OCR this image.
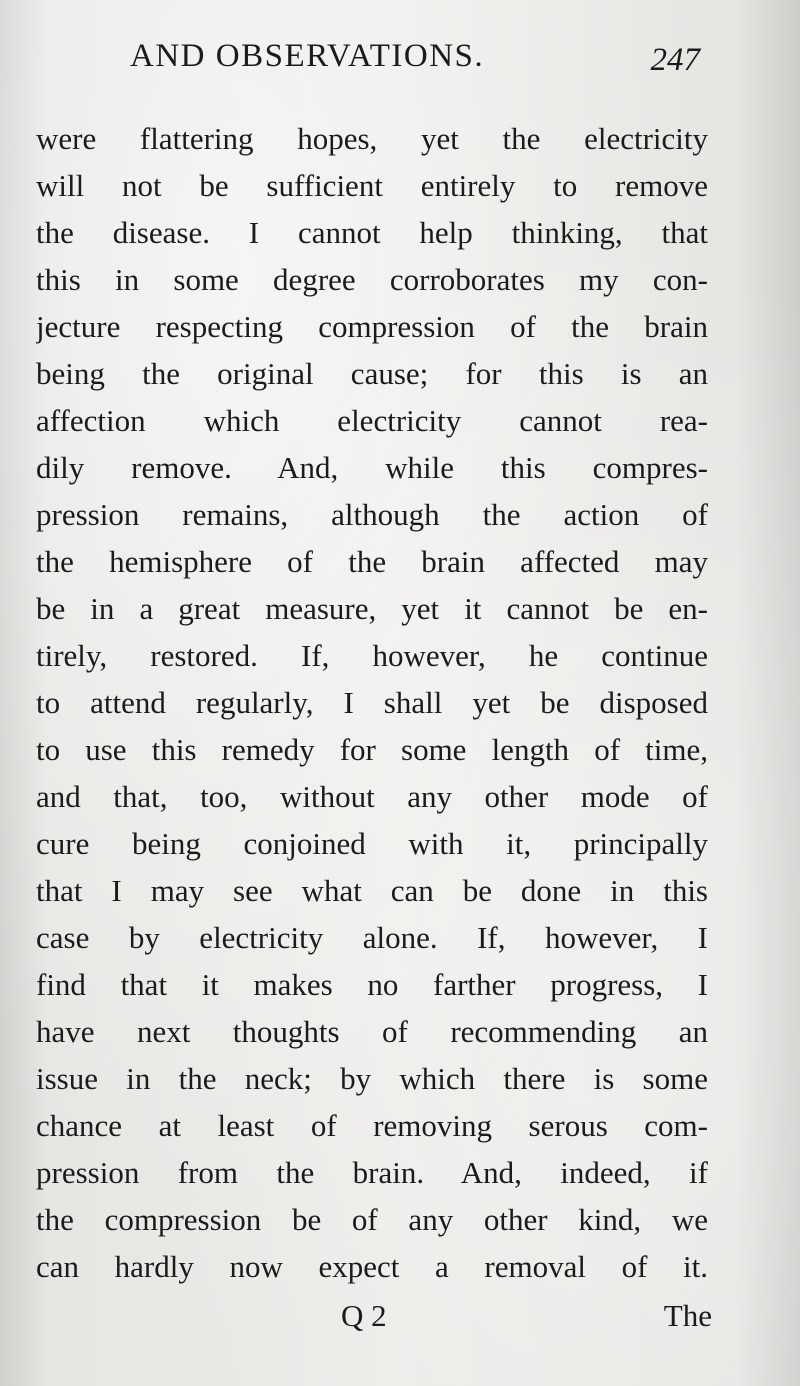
AND OBSERVATIONS.	247
were flattering hopes, yet the electricity
will not be sufficient entirely to remove
the disease. I cannot help thinking, that
this in some degree corroborates my con-
jecture respecting compression of the brain
being the original cause; for this is an
affection which electricity cannot rea-
dily remove. And, while this compres-
pression remains, although the action of
the hemisphere of the brain affected may
be in a great measure, yet it cannot be en-
tirely, restored. If, however, he continue
to attend regularly, I shall yet be disposed
to use this remedy for some length of time,
and that, too, without any other mode of
cure being conjoined with it, principally
that I may see what can be done in this
case by electricity alone. If, however, I
find that it makes no farther progress, I
have next thoughts of recommending an
issue in the neck; by which there is some
chance at least of removing serous com-
pression from the brain. And, indeed, if
the compression be of any other kind, we
can hardly now expect a removal of it.
Q 2	The
